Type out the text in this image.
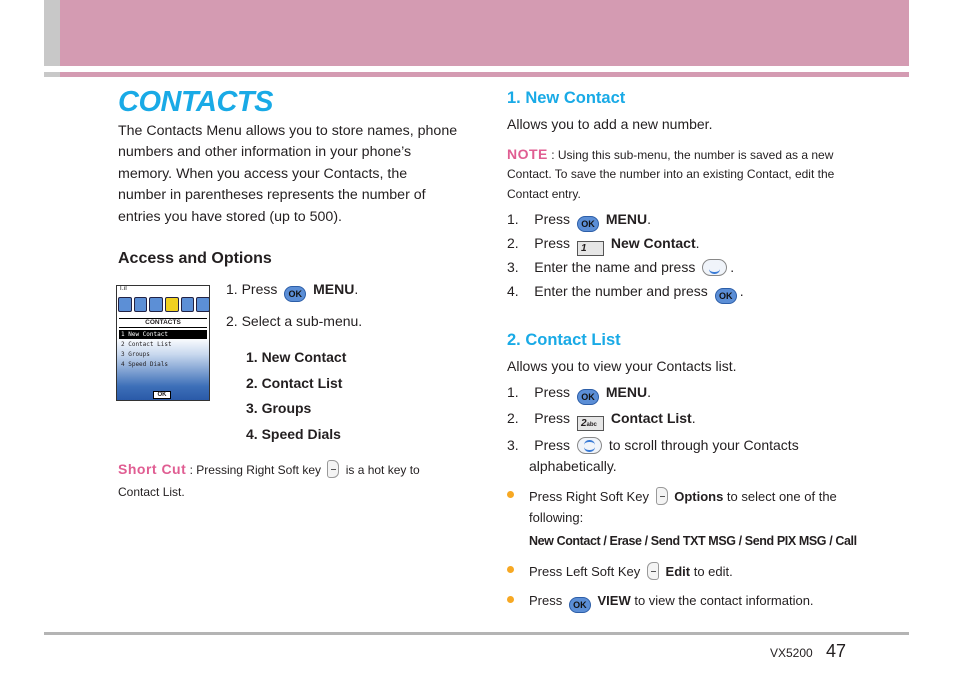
CONTACTS
The Contacts Menu allows you to store names, phone numbers and other information in your phone’s memory. When you access your Contacts, the number in parentheses represents the number of entries you have stored (up to 500).
Access and Options
T.ıl
CONTACTS
1 New Contact
2 Contact List
3 Groups
4 Speed Dials
OK
1. Press OK MENU.
2. Select a sub-menu.
1. New Contact
2. Contact List
3. Groups
4. Speed Dials
Short Cut : Pressing Right Soft key is a hot key to
Contact List.
1. New Contact
Allows you to add a new number.
NOTE : Using this sub-menu, the number is saved as a new
Contact. To save the number into an existing Contact, edit the
Contact entry.
1. Press OK MENU.
2. Press 1 New Contact.
3. Enter the name and press .
4. Enter the number and press OK .
2. Contact List
Allows you to view your Contacts list.
1. Press OK MENU.
2. Press 2abc Contact List.
3. Press	to scroll through your Contacts
alphabetically.
Press Right Soft Key Options to select one of the
following:
New Contact / Erase / Send TXT MSG / Send PIX MSG / Call
Press Left Soft Key Edit to edit.
Press OK VIEW to view the contact information.
VX5200 47
